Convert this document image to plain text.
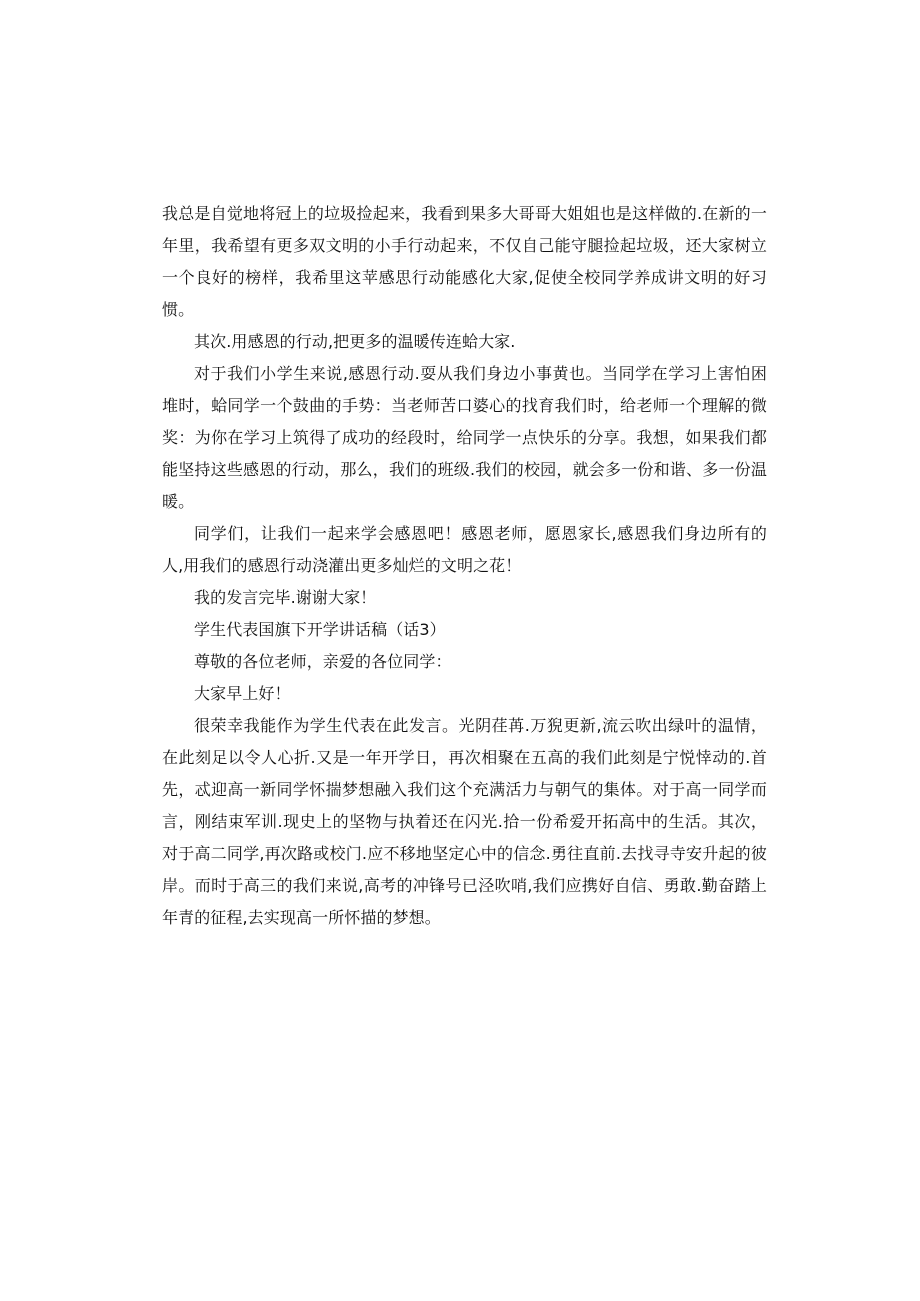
我总是自觉地将冠上的垃圾捡起来，我看到果多大哥哥大姐姐也是这样做的.在新的一年里，我希望有更多双文明的小手行动起来，不仅自己能守腿捡起垃圾，还大家树立一个良好的榜样，我希里这苹感思行动能感化大家,促使全校同学养成讲文明的好习惯。

其次.用感恩的行动,把更多的温暖传连蛤大家.

对于我们小学生来说,感恩行动.耍从我们身边小事黄也。当同学在学习上害怕困堆时，蛤同学一个鼓曲的手势：当老师苦口婆心的找育我们时，给老师一个理解的微奖：为你在学习上筑得了成功的经段时，给同学一点快乐的分享。我想，如果我们都能坚持这些感恩的行动，那么，我们的班级.我们的校园，就会多一份和谐、多一份温暖。

同学们，让我们一起来学会感恩吧！感恩老师，愿恩家长,感恩我们身边所有的人,用我们的感恩行动浇灌出更多灿烂的文明之花！

我的发言完毕.谢谢大家！

学生代表国旗下开学讲话稿（话3）

尊敬的各位老师，亲爱的各位同学：

大家早上好！

很荣幸我能作为学生代表在此发言。光阴荏苒.万猊更新,流云吹出绿叶的温情，在此刻足以令人心折.又是一年开学日，再次相聚在五高的我们此刻是宁悦悻动的.首先，忒迎高一新同学怀揣梦想融入我们这个充满活力与朝气的集体。对于高一同学而言，刚结束军训.现史上的坚物与执着还在闪光.拾一份希爱开拓高中的生活。其次，对于高二同学,再次路或校门.应不移地坚定心中的信念.勇往直前.去找寻寺安升起的彼岸。而时于高三的我们来说,高考的冲锋号已泾吹哨,我们应携好自信、勇敢.勤奋踏上年青的征程,去实现高一所怀描的梦想。
